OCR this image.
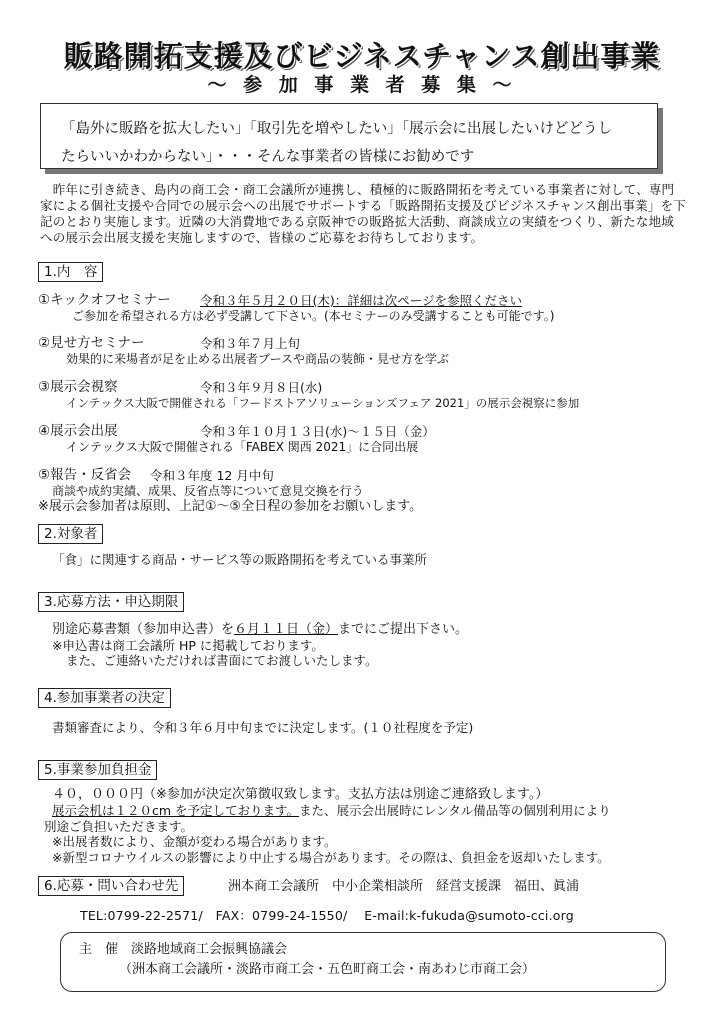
販路開拓支援及びビジネスチャンス創出事業
～ 参 加 事 業 者 募 集 ～
「島外に販路を拡大したい」「取引先を増やしたい」「展示会に出展したいけどどうし
たらいいかわからない」・・・そんな事業者の皆様にお勧めです
　昨年に引き続き、島内の商工会・商工会議所が連携し、積極的に販路開拓を考えている事業者に対して、専門家による個社支援や合同での展示会への出展でサポートする「販路開拓支援及びビジネスチャンス創出事業」を下記のとおり実施します。近隣の大消費地である京阪神での販路拡大活動、商談成立の実績をつくり、新たな地域への展示会出展支援を実施しますので、皆様のご応募をお待ちしております。
1.内　容
①キックオフセミナー 令和３年５月２０日(木)：詳細は次ページを参照ください
ご参加を希望される方は必ず受講して下さい。(本セミナーのみ受講することも可能です。)
②見せ方セミナー	令和３年７月上旬
効果的に来場者が足を止める出展者ブースや商品の装飾・見せ方を学ぶ
③展示会視察	令和３年９月８日(水)
インテックス大阪で開催される「フードストアソリューションズフェア 2021」の展示会視察に参加
④展示会出展	令和３年１０月１３日(水)～１５日（金）
インテックス大阪で開催される「FABEX 関西 2021」に合同出展
⑤報告・反省会 令和３年度 12 月中旬
商談や成約実績、成果、反省点等について意見交換を行う
※展示会参加者は原則、上記①～⑤全日程の参加をお願いします。
2.対象者
「食」に関連する商品・サービス等の販路開拓を考えている事業所
3.応募方法・申込期限
別途応募書類（参加申込書）を６月１１日（金）までにご提出下さい。
※申込書は商工会議所 HP に掲載しております。
また、ご連絡いただければ書面にてお渡しいたします。
4.参加事業者の決定
書類審査により、令和３年６月中旬までに決定します。(１０社程度を予定)
5.事業参加負担金
４０，０００円（※参加が決定次第徴収致します。支払方法は別途ご連絡致します。）
展示会机は１２０cm を予定しております。また、展示会出展時にレンタル備品等の個別利用により
別途ご負担いただきます。
※出展者数により、金額が変わる場合があります。
※新型コロナウイルスの影響により中止する場合があります。その際は、負担金を返却いたします。
6.応募・問い合わせ先	洲本商工会議所　中小企業相談所　経営支援課　福田、眞浦
TEL:0799-22-2571/　FAX：0799-24-1550/　 E-mail:k-fukuda@sumoto-cci.org
主　催　淡路地域商工会振興協議会
（洲本商工会議所・淡路市商工会・五色町商工会・南あわじ市商工会）
